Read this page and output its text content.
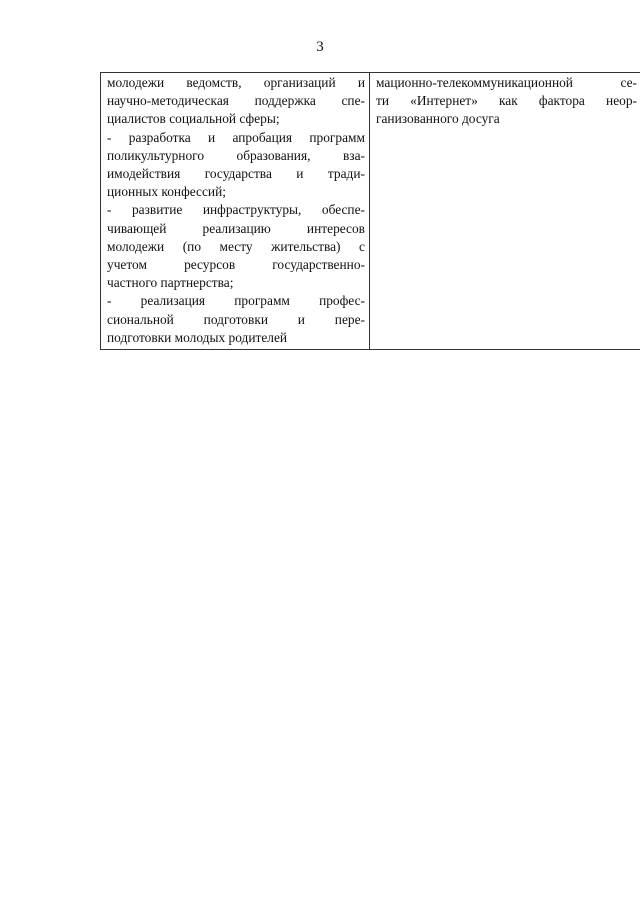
3
молодежи ведомств, организаций и
научно-методическая поддержка спе-
циалистов социальной сферы;
- разработка и апробация программ
поликультурного образования, вза-
имодействия государства и тради-
ционных конфессий;
- развитие инфраструктуры, обеспе-
чивающей реализацию интересов
молодежи (по месту жительства) с
учетом ресурсов государственно-
частного партнерства;
- реализация программ профес-
сиональной подготовки и пере-
подготовки молодых родителей

мационно-телекоммуникационной се-
ти «Интернет» как фактора неор-
ганизованного досуга
